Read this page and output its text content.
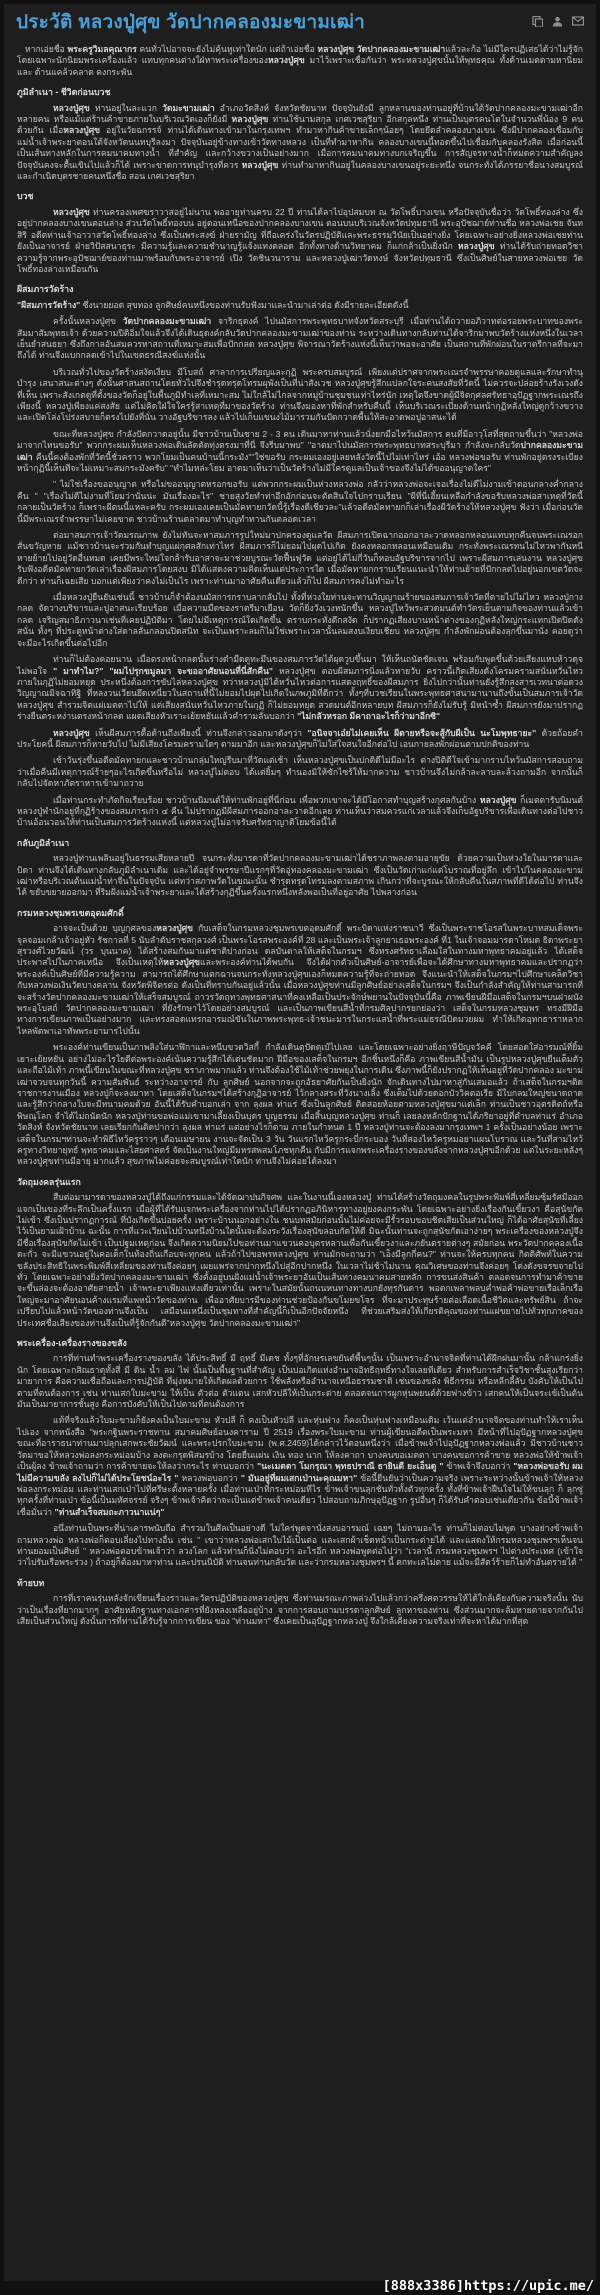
ประวัติ หลวงปู่ศุข วัดปากคลองมะขามเฒ่า

หากเอ่ยชื่อ พระครูวิมลคุณากร คนทั่วไปอาจจะยังไม่คุ้นหูเท่าใดนัก แต่ถ้าเอ่ยชื่อ หลวงปู่ศุข วัดปากคลองมะขามเฒ่าแล้วละก้อ ไม่มีใครปฏิเสธได้ว่าไม่รู้จัก โดยเฉพาะนักนิยมพระเครื่องแล้ว แทบทุกคนต่างใฝ่หาพระเครื่องของหลวงปู่ศุข มาไว้เพราะเชื่อกันว่า พระหลวงปู่ศุขนั้นให้พุทธคุณ ทั้งด้านเมตตามหานิยม และ ด้านแคล้วคลาด คงกระพัน

ภูมิลำเนา - ชีวิตก่อนบวช

หลวงปู่ศุข ท่านอยู่ในละแวก วัดมะขามเฒ่า อำเภอวัดสิงห์ จังหวัดชัยนาท ปัจจุบันยังมี ลูกหลานของท่านอยู่ที่บ้านใต้วัดปากคลองมะขามเฒ่าอีกหลายคน หรือแม้แต่ร้านค้าขายภายในบริเวณวัดเองก็ยังมี หลวงปู่ศุข ท่านใช้นามสกุล เกศเวชสุริยา อีกสกุลหนึ่ง ท่านเป็นบุตรคนโตในจำนวนพี่น้อง 9 คน ด้วยกัน เมื่อหลวงปู่ศุข อยู่ในวัยฉกรรจ์ ท่านได้เดินทางเข้ามาในกรุงเทพฯ ทำมาหากินค้าขายเล็กๆน้อยๆ โดยยึดลำคลองบางเขน ซึ่งมีปากคลองเชื่อมกับแม่น้ำเจ้าพระยาตอนใต้จังหวัดนนทบุรีลงมา ปัจจุบันอยู่ข้างทางเข้าวัดทางหลวง เป็นที่ทำมาหากิน คลองบางเขนนี้ทอดขึ้นไปเชื่อมกับคลองรังสิต เมื่อก่อนนี้เป็นเส้นทางหลักในการคมนาคมทางน้ำ ที่สำคัญ และกว้างขวางเป็นอย่างมาก เมื่อการคมนาคมทางบกเจริญขึ้น การสัญจรทางน้ำก็หมดความสำคัญลง ปัจจุบันคงจะตื้นเขินไปแล้วก็ได้ เพราะขาดการทนุบำรุงที่ควร หลวงปู่ศุข ท่านทำมาหากินอยู่ในคลองบางเขนอยู่ระยะหนึ่ง จนกระทั่งได้ภรรยาชื่อนางสมบูรณ์ และกำเนิดบุตรชายคนหนึ่งชื่อ สอน เกศเวชสุริยา

บวช

หลวงปู่ศุข ท่านครองเพศฆราวาสอยู่ไม่นาน พออายุท่านครบ 22 ปี ท่านได้ลาไปอุปสมบท ณ วัดโพธิ์บางเขน หรือปัจจุบันชื่อว่า วัดโพธิ์ทองล่าง ซึ่งอยู่ปากคลองบางเขนตอนล่าง ส่วนวัดโพธิ์ทองบน อยู่ตอนเหนือของปากคลองบางเขน ตอนบนบริเวณจังหวัดปทุมธานี พระอุปัชฌาย์ท่านชื่อ หลวงพ่อเชย จันทสิริ อดีตท่านเจ้าอาวาสวัดโพธิ์ทองล่าง ซึ่งเป็นพระสงฆ์ ฝ่ายรามัญ ที่ถือเคร่งในวัตรปฏิบัติและพระธรรมวินัยเป็นอย่างยิ่ง โดยเฉพาะอย่างยิ่งหลวงพ่อเชยท่านยังเป็นอาจารย์ ฝ่ายวิปัสสนาธุระ มีความรู้และความชำนาญรู้แจ้งแทงตลอด อีกทั้งทางด้านวิทยาคม ก็แก่กล้าเป็นยิ่งนัก หลวงปู่ศุข ท่านได้รับถ่ายทอดวิชาความรู้จากพระอุปัชฌาย์ของท่านมาพร้อมกับพระอาจารย์ เปิง วัดชินวนาราม และหลวงปู่เฒ่าวัดหงษ์ จังหวัดปทุมธานี ซึ่งเป็นศิษย์ในสายหลวงพ่อเชย วัดโพธิ์ทองล่างเหมือนกัน

ผีสมภารวัดร้าง

"ผีสมภารวัดร้าง" ซึ่งนายยอด สุขทอง ลูกศิษย์คนหนึ่งของท่านรับฟังมาและนำมาเล่าต่อ ดังมีรายละเอียดดังนี้

ครั้งนั้นหลวงปู่ศุข วัดปากคลองมะขามเฒ่า จาริกธุดงค์ ไปนมัสการพระพุทธบาทจังหวัดสระบุรี เมื่อท่านได้ถวายอภิวาทต่อรอยพระบาทของพระสัมมาสัมพุทธเจ้า ด้วยความปิติอิ่มใจแล้วจึงได้เดินธุดงค์กลับวัดปากคลองมะขามเฒ่าของท่าน ระหว่างเดินทางกลับท่านได้จาริกมาพบวัดร้างแห่งหนึ่งในเวลาเย็นย่ำสนธยา ซึ่งถึงกาลอันสมควรหาสถานที่เหมาะสมเพื่อปักกลด หลวงปู่ศุข พิจารณาวัดร้างแห่งนี้เห็นว่าพอจะอาศัย เป็นสถานที่พักผ่อนในราตรีกาลที่จะมาถึงได้ ท่านจึงแบกกลดเข้าไปในเขตธรณีสงฆ์แห่งนั้น

บริเวณทั่วไปของวัดร้างสงัดเงียบ มีโบสถ์ ศาลาการเปรียญและกุฏิ พระครบสมบูรณ์ เพียงแต่ปราศจากพระเณรจำพรรษาคอยดูแลและรักษาทำนุบำรุง เสนาสนะต่างๆ ดังนั้นศาสนสถานโดยทั่วไปจึงชำรุดทรุดโทรมผุพังเป็นที่น่าสังเวช หลวงปู่ศุขรู้สึกแปลกใจระคนสงสัยที่วัดนี้ ไม่ควรจะปล่อยร้างรังเวงดังที่เห็น เพราะสังเกตดูที่ตั้งของวัดก็อยู่ในพื้นภูมิทำเลที่เหมาะสม ไม่ใกล้ไม่ไกลจากหมู่บ้านชุมชนเท่าไหร่นัก เหตุใดจึงขาดผู้มีจิตกุศลศรัทธาอุปัฏฐากพระเณรถึงเพียงนี้ หลวงปู่เพียงแค่สงสัย แต่ไม่คิดใฝ่ใจใคร่รู้สาเหตุที่มาของวัดร้าง ท่านจึงมองหาที่พักสำหรับคืนนี้ เห็นบริเวณระเบียงด้านหน้ากุฏิหลังใหญ่ดูกว้างขวาง และเปิดโล่งโปร่งสบายก็ตรงไปยังที่นั่น วางอัฐบริขารลง แล้วไปเก็บแขนงไม้มารวมกันปัดกวาดพื้นให้สะอาดพอปูอาสนะได้

ขณะที่หลวงปู่ศุข กำลังปัดกวาดอยู่นั้น มีชาวบ้านเป็นชาย 2 - 3 คน เดินมาหาท่านแล้วนั่งยกมือไหว้นมัสการ คนที่มีอาวุโสที่สุดถามขึ้นว่า "หลวงพ่อมาจากไหนขอรับ" พวกกระผมเห็นหลวงพ่อเดินลัดตัดทุ่งตรงมาที่นี่ จึงรีบมาพบ" "อาตมาไปนมัสการพระพุทธบาทสระบุรีมา กำลังจะกลับวัดปากคลองมะขามเฒ่า คืนนี้คงต้องพักที่วัดนี้ชั่วคราว พวกโยมเป็นคนบ้านนี้กระมัง""ใช่ขอรับ กระผมเองอยู่เลยหลังวัดนี้ไปไม่เท่าไหร่ เอ้อ หลวงพ่อขอรับ ท่านพักอยู่ตรงระเบียงหน้ากุฏินี้เห็นทีจะไม่เหมาะสมกระมังครับ" "ทำไมหล่ะโยม อาตมาเห็นว่าเป็นวัดร้างไม่มีใครดูแลเป็นเจ้าของจึงไม่ได้ขออนุญาตใคร"

" ไม่ใช่เรื่องขออนุญาต หรือไม่ขออนุญาตหรอกขอรับ แต่พวกกระผมเป็นห่วงหลวงพ่อ กลัวว่าหลวงพ่อจะเจอเรื่องไม่ดีไม่งามเข้าตอนกลางค่ำกลางคืน " "เรื่องไม่ดีไม่งามที่โยมว่านั่นน่ะ มันเรื่องอะไร" ชายสูงวัยทำท่าอึกอักก่อนจะตัดสินใจไปกราบเรียน "ผีที่นี่เฮี้ยนเหลือกำลังขอรับหลวงพ่อสาเหตุที่วัดนี้กลายเป็นวัดร้าง ก็เพราะผีตนนี้แหละครับ กระผมเองเคยเป็นมัคทายกวัดนี้รู้เรื่องดีเชียวละ"แล้วอดีตมัคทายกก็เล่าเรื่องผีวัดร้างให้หลวงปู่ศุข ฟังว่า เมื่อก่อนวัดนี้มีพระเณรจำพรรษาไม่เคยขาด ชาวบ้านร้านตลาดมาทำบุญทำทานกันตลอดเวลา

ต่อมาสมภารเจ้าวัดมรณภาพ ยังไม่ทันจะหาสมภารรูปใหม่มาปกครองดูแลวัด ผีสมภารเปิดฉากออกอาละวาดหลอกหลอนแทบทุกคืนจนพระเณรอกสั่นขวัญหาย แม้ชาวบ้านจะร่วมกันทำบุญแผ่กุศลสักเท่าไหร่ ผีสมภารก็ไม่ยอมไปผุดไปเกิด ยังคงหลอกหลอนเหมือนเดิม กระทั่งพระเณรทนไม่ไหวพากันหนีหายย้ายไปอยู่วัดอื่นหมด เคยมีพระใหม่ใจกล้ารับอาสาจะมาช่วยบูรณะวัดฟื้นฟูวัด แต่อยู่ได้ไม่กี่วันก็หอบอัฐบริขารจากไป เพราะผีสมภารเล่นงาน หลวงปู่ศุขรับฟังอดีตมัคทายกวัดเล่าเรื่องผีสมภารโดยสงบ มิได้แสดงความคิดเห็นแต่ประการใด เมื่อมัคทายกกราบเรียนแนะนำให้ท่านย้ายที่ปักกลดไปอยู่นอกเขตวัดจะดีกว่า ท่านก็เฉยเสีย บอกแต่เพียงว่าคงไม่เป็นไร เพราะท่านมาอาศัยคืนเดียวแล้วก็ไป ผีสมภารคงไม่ทำอะไร

เมื่อหลวงปู่ยืนยันเช่นนี้ ชาวบ้านก็จำต้องนมัสการกราบลากลับไป ทั้งที่ห่วงใยท่านจะทานวิญญาณร้ายของสมภารเจ้าวัดที่ตายไปไม่ไหว หลวงปู่กางกลด จัดวางบริขารและปูอาสนะเรียบร้อย เมื่อความมืดของราตรีมาเยือน วัดก็ยิ่งวังเวงหนักขึ้น หลวงปู่ไหว้พระสวดมนต์ทำวัตรเย็นตามกิจของท่านแล้วเข้ากลด เจริญสมาธิภาวนาเช่นที่เคยปฏิบัติมา โดยไม่มีเหตุการณ์ใดเกิดขึ้น ตราบกระทั่งดึกสงัด ก็ปรากฏเสียงบานหน้าต่างของกุฏิหลังใหญ่กระแทกเปิดปิดดังสนั่น ทั้งๆ ที่ประตูหน้าต่างใส่ดาลลั่นกลอนปิดสนิท จะเป็นเพราะลมก็ไม่ใช่เพราะเวลานั้นลมสงบเงียบเชียบ หลวงปู่ศุข กำลังพักผ่อนต้องลุกขึ้นมานั่ง คอยดูว่าจะมีอะไรเกิดขึ้นต่อไปอีก

ท่านก็ไม่ต้องคอยนาน เมื่อตรงหน้ากลดนั้นร่างดำมืดดูทะมึนของสมภารวัดได้ผุดวูบขึ้นมา ให้เห็นถนัดชัดเจน พร้อมกับพูดขึ้นด้วยเสียงแหบห้าวดุจไม่พอใจ " มาทำไม?" "ผมไปรุกขมูลมา จะขออาศัยนอนที่นี่สักคืน" หลวงปู่ศุข ตอบผีสมภารนิ่งแล้วหายวับ คราวนี้เกิดเสียงดังโครมครามสนั่นหวั่นไหว ภายในกุฏิไม่ยอมหยุด ประหนึ่งต้องการขับไล่หลวงปู่ศุข ทว่าหลวงปู่มิได้หวั่นไหวต่อการแสดงฤทธิ์ของผีสมภาร ยิ่งไปกว่านั้นท่านยังรู้สึกสงสารเวทนาต่อดวงวิญญาณมิจฉาทิฐิ ที่หลงวนเวียนยึดเหนี่ยวในสถานที่นี้ไม่ยอมไปผุดไปเกิดในภพภูมิที่ดีกว่า ทั้งๆที่บวชเรียนในพระพุทธศาสนามานานถึงขั้นเป็นสมภารเจ้าวัด หลวงปู่ศุข สำรวมจิตแผ่เมตตาไปให้ แต่เสียงสนั่นหวั่นไหวภายในกุฏิ ก็ไม่ยอมหยุด สวดมนต์อีกหลายบท ผีสมภารก็ยังไม่รับรู้ มิหนำซ้ำ ผีสมภารยังมาปรากฏร่างยืนตระหง่านตรงหน้ากลด แผดเสียงหัวเราะเย้ยหยันแล้วคำรามลั่นบอกว่า "ไม่กลัวหรอก มีคาถาอะไรก็ว่ามาอีกซิ"

หลวงปู่ศุข เห็นผีสมภารดื้อด้านถึงเพียงนี้ ท่านจึงกล่าวออกมาดังๆว่า "อนิจจาเอ๋ยไม่เคยเห็น ผีตายหรือจะสู้กับผีเป็น นะโมพุทธายะ" ด้วยถ้อยคำประโยคนี้ ผีสมภารก็หายวับไป ไม่มีเสียงโครมครามใดๆ ตามมาอีก และหลวงปู่ศุขก็ไม่ใส่ใจสนใจอีกต่อไป เอนกายลงพักผ่อนตามปกติของท่าน

เช้าวันรุ่งขึ้นอดีตมัคทายกและชาวบ้านกลุ่มใหญ่รีบมาที่วัดแต่เช้า เห็นหลวงปู่ศุขเป็นปกติดีไม่มีอะไร ต่างปิติดีใจเข้ามากราบไหว้นมัสการสอบถาม ว่าเมื่อคืนมีเหตุการณ์ร้ายๆอะไรเกิดขึ้นหรือไม่ หลวงปู่ไม่ตอบ ได้แต่ยิ้มๆ ทำนองมิให้ซักไซร้ให้มากความ ชาวบ้านจึงไม่กล้าละลาบละล้วงถามอีก จากนั้นก็กลับไปจัดหาภัตราหารเข้ามาถวาย

เมื่อท่านกระทำภัตกิจเรียบร้อย ชาวบ้านนิมนต์ให้ท่านพักอยู่ที่นี่ก่อน เพื่อพวกเขาจะได้มีโอกาสทำบุญสร้างกุศลกันบ้าง หลวงปู่ศุข ก็เมตตารับนิมนต์ หลวงปู่พำนักอยู่ที่กุฏิร้างของสมภารเก่า ๔ คืน ไม่ปรากฏมีผีสมภารออกอาละวาดอีกเลย ท่านเห็นว่าสมควรแก่เวลาแล้วจึงเก็บอัฐบริขารเพื่อเดินทางต่อไปชาวบ้านอ้อนวอนให้ท่านเป็นสมภารวัดร้างแห่งนี้ แต่หลวงปู่ไม่อาจรับศรัทธาญาติโยมข้อนี้ได้

กลับภูมิลำเนา

หลวงปู่ท่านเพลินอยู่ในธรรมเสียหลายปี จนกระทั่งมารดาที่วัดปากคลองมะขามเฒ่าได้ชราภาพลงตามอายุขัย ด้วยความเป็นห่วงใยในมารดาและบิดา ท่านจึงได้เดินทางกลับภูมิลำเนาเดิม และได้อยู่จำพรรษาปีแรกๆที่วัดอู่ทองคลองมะขามเฒ่า ซึ่งเป็นวัดเก่าแก่แต่โบราณที่อยู่ลึก เข้าไปในคลองมะขามเฒ่าหรือบริเวณต้นแม่น้ำท่าจีนในปัจจุบัน แต่ทว่าสภาพวัดในขณะนั้น ชำรุดทรุดโทรมลงตามสภาพ เกินกว่าที่จะบูรณะให้กลับคืนในสภาพที่ดีได้ต่อไป ท่านจึงได้ ขยับขยายออกมา ที่ริมฝั่งแม่น้ำเจ้าพระยาและได้สร้างกุฏิขึ้นครั้งแรกหนึ่งหลังพอเป็นที่อยู่อาศัย ไปพลางก่อน

กรมหลวงชุมพรเขตอุดมศักดิ์

อาจจะเป็นด้วย บุญกุศลของหลวงปู่ศุข กับเสด็จในกรมหลวงชุมพรเขตอุดมศักดิ์ พระบิดาแห่งราชนาวี ซึ่งเป็นพระราชโอรสในพระบาทสมเด็จพระจุลจอมเกล้าเจ้าอยู่หัว รัชกาลที่ 5 นับลำดับราชสกุลวงศ์ เป็นพระโอรสพระองค์ที่ 28 และเป็นพระเจ้าลูกยาเธอพระองค์ ที่1 ในเจ้าจอมมารดาโหมด ธิดาพระยาสุรวงศ์ไวยวัฒน์ (วร บุนนาค) ได้สร้างสมกันมาแต่ชาติปางก่อน ดลบันดาลให้เสด็จในกรมฯ ซึ่งทรงศรัทธาเลื่อมใสในทางมหาพุทธาคมอยู่แล้ว ได้เสด็จประพาสไปในภาคเหนือ จึงเป็นเหตุให้หลวงปู่ศุขและพระองค์ท่านได้พบกัน จึงได้ฝากตัวเป็นศิษย์-อาจารย์เพื่อจะได้ศึกษาทางมหาพุทธาคมและปรากฏว่า พระองค์เป็นศิษย์ที่มีความรู้ความ สามารถได้ศึกษาแตกฉานจนกระทั่งหลวงปู่ศุขเองก็หมดความรู้ที่จะถ่ายทอด จึงแนะนำให้เสด็จในกรมฯไปศึกษาเคล็ดวิชากับหลวงพ่อเงินวัดบางคลาน จังหวัดพิจิตรต่อ ดังเป็นที่ทราบกันอยู่แล้วนั้น เมื่อหลวงปู่ศุขท่านมีลูกศิษย์อย่างเสด็จในกรมฯ จึงเป็นกำลังสำคัญให้ท่านสามารถที่จะสร้างวัดปากคลองมะขามเฒ่าให้เสร็จสมบูรณ์ ถาวรวัดถุทางพุทธศาสนาที่คงเหลือเป็นประจักษ์พยานในปัจจุบันนี้คือ ภาพเขียนฝีมือเสด็จในกรมฯบนฝาผนังพระอุโบสถ์ วัดปากคลองมะขามเฒ่า ที่ยังรักษาไว้โดยอย่างสมบูรณ์ และเป็นภาพเขียนสีน้ำที่กรมศิลปากรยกย่องว่า เสด็จในกรมหลวงชุมพร ทรงมีฝีมือทางการเขียนภาพเป็นอย่างมาก และทรงสอดแทรกอารมณ์ขันในภาพพระพุทธ-เจ้าชนะมารในกระแสน้ำที่พระแม่ธรณีบิดมวยผม ทำให้เกิดอุทกธาราหลากไหลพัดพาเอาทัพพระยามารไปนั้น

พระองค์ท่านเขียนเป็นภาพลิงใส่นาฬิกาและหนีบขวดวิสกี้ กำลังเดินตุปัดตุเป๋ไปเลย และโดยเฉพาะอย่างยิ่งฤาษีปัญจวัคคี โดยสอดใส่อารมณ์ที่ยิ้มเยาะเย้ยหยัน อย่างไม่อะไรใยดีต่อพระองค์เน้นความรู้สึกได้เด่นชัดมาก ฝีมือของเสด็จในกรมฯ อีกชิ้นหนึ่งก็คือ ภาพเขียนสีน้ำมัน เป็นรูปหลวงปู่ศุขยืนเต็มตัวและถือไม้เท้า ภาพนี้เขียนในขณะที่หลวงปู่ศุข ชราภาพมากแล้ว ท่านจึงต้องใช้ไม้เท้าช่วยพยุงในการเดิน ซึ่งภาพนี้ก็ยังปรากฏให้เห็นอยู่ที่วัดปากคลอง มะขามเฒ่าจวบจนทุกวันนี้ ความสัมพันธ์ ระหว่างอาจารย์ กับ ลูกศิษย์ นอกจากจะถูกอัธยาศัยกันเป็นยิ่งนัก จักเดินทางไปมาหาสู่กันเสมอแล้ว ถ้าเสด็จในกรมฯติดราชการงานเมือง หลวงปู่ก็จะลงมาหา โดยเสด็จในกรมฯได้สร้างกุฏิอาจารย์ ไว้กลางสระที่วังนางเลิ้ง ซึ่งเต็มไปด้วยดอกบัววิคตอเรีย มีใบกลมใหญ่ขนาดถาด และรู้สึกว่ากลางใบจะมีหนามคมด้วย อันนี้ได้รับคำบอกเล่า จาก ลุงผล ท่าแร่ ซึ่งเป็นลูกศิษย์ ติดสอยห้อยตามหลวงปู่ศุขมาแต่เล็ก ท่านเป็นชาวอุตรดิตถ์หรือพิษณุโลก จำได้ไม่ถนัดนัก หลวงปู่ท่านขอพ่อแม่เขามาเลี้ยงเป็นบุตร บุญธรรม เมื่อสิ้นบุญหลวงปู่ศุข ท่านก็ เลยลงหลักปักฐานได้ภริยาอยู่ที่ตำบลท่าแร่ อำเภอวัดสิงห์ จังหวัดชัยนาท เลยเรียกกันติดปากว่า ลุงผล ท่าแร่ แต่อย่างไรก็ตาม ภายในกำหนด 1 ปี หลวงปู่ท่านจะต้องลงมากรุงเทพฯ 1 ครั้งเป็นอย่างน้อย เพราะเสด็จในกรมฯท่านจะทำพิธีไหว้ครูราวๆ เดือนเมษายน งานจะจัดเป็น 3 วัน วันแรกไหว้ครูกระบี่กระบอง วันที่สองไหว้ครูหมอยาแผนโบราณ และวันที่สามไหว้ครูทางวิทยายุทธ์ พุทธาคมและไสยศาสตร์ จัดเป็นงานใหญ่มีมหรสพสมโภชทุกคืน กับมีการแจกพระเครื่องรางของขลังจากหลวงปู่ศุขอีกด้วย แต่ในระยะหลังๆ หลวงปู่ศุขท่านมีอายุ มากแล้ว สุขภาพไม่ค่อยจะสมบูรณ์เท่าใดนัก ท่านจึงไม่ค่อยได้ลงมา

วัดถุมงคลรุ่นแรก

สืบต่อมามารดาของหลวงปู่ได้ถึงแก่กรรมและได้จัดฌาปนกิจศพ และในงานนี้เองหลวงปู่ ท่านได้สร้างวัดถุมงคลในรูปพระพิมพ์สี่เหลี่ยมซุ้มรัศมีออกแจกเป็นของที่ระลึกเป็นครั้งแรก เมื่อผู้ที่ได้รับแจกพระเครื่องจากท่านไปได้ปรากฏอภินิหารทางอยู่ยงคงกระพัน โดยเฉพาะอย่างยิ่งเรื่องกันเขี้ยวงา คือสุนัขกัดไม่เข้า ซึ่งเป็นปรากฏการณ์ ที่บังเกิดขึ้นบ่อยครั้ง เพราะบ้านนอกอย่างใน ชนบทสมัยก่อนนั้นไม่ค่อยจะมีรั้วรอบขอบชิดเสียเป็นส่วนใหญ่ ก็ได้อาศัยสุนัขที่เลี้ยงไว้เป็นยามเฝ้าบ้าน ฉะนั้น การที่แวะเวียนไปบ้านหนึ่งบ้านใดนั้นจะต้องระวังเรื่องสุนัขลอบกัดให้ดี มิฉะนั้นท่านจะถูกสุนัขกัดเอาง่ายๆ พระเครื่องของหลวงปู่จึงมีชื่อเรื่องสุนัขกัดไม่เข้า เป็นปฐมเหตุก่อน จึงเกิดความนิยมไปขอท่านมาแขวนคอบุตรหลานเพื่อกันเขี้ยวงาและภยันตรายต่างๆ สมัยก่อน พระวัดปากคลองเนื้อตะกั่ว จะมีแขวนอยู่ในคอเด็กในท้องถิ่นเกือบจะทุกคน แล้วถ้าไปขอพรหลวงปู่ศุข ท่านมักจะถามว่า "เอ็งมีลูกกี่คน?" ท่านจะให้ครบทุกคน กิตติศัพท์ในความขลังประสิทธิในพระพิมพ์สี่เหลี่ยมของท่านจึงค่อยๆ เผยแพร่จากปากหนึ่งไปสู่อีกปากหนึ่ง ในเวลาไม่ช้าไม่นาน คุณวิเศษของท่านจึงค่อยๆ โด่งดังขจรขจายไปทั่ว โดยเฉพาะอย่างยิ่งวัดปากคลองมะขามเฒ่า ซึ่งตั้งอยู่บนฝั่งแม่น้ำเจ้าพระยาอันเป็นเส้นทางคมนาคมสายหลัก การขนส่งสินค้า ตลอดจนการทำมาค้าขาย จะขึ้นล่องจะต้องอาศัยสายน้ำ เจ้าพระยาเพียงแห่งเดียวเท่านั้น เพราะในสมัยนั้นถนนหนทางทางบกยังทุรกันดาร พอตกเพลาพลบค่ำพ่อค้าพ่อขายเรือเล็กเรือใหญ่จะมาอาศัยนอนค้างแรมที่แพหน้าวัดของท่าน เพื่ออาศัยบารมีของท่านช่วยป้องกันขโมยขโจร ที่จะมาประทุษร้ายต่อเลือดเนื้อชีวิตและทรัพย์สิน ถ้าจะเปรียบไปแล้วหน้าวัดของท่านจึงเป็น เสมือนแหนึ่งเป็นชุมทางที่สำคัญนี้ก็เป็นอีกปัจจัยหนึ่ง ที่ช่วยเสริมส่งให้เกียรติคุณของท่านแผ่ขยายไปทั่วทุกภาคของประเทศชื่อเสียงของท่านจึงเป็นที่รู้จักกันดี"หลวงปู่ศุข วัดปากคลองมะขามเฒ่า"

พระเครื่อง-เครื่องรางของขลัง

การที่ท่านทำพระเครื่องรางของขลัง ได้ประสิทธิ์ มี ฤทธิ์ มีเดช ทั้งๆที่อักษรเลขยันต์พื้นๆนั้น เป็นเพราะอำนาจจิตที่ท่านได้ฝึกฝนมานั้น กล้าแกร่งยิ่งนัก โดยเฉพาะกสิณธาตุทั้งสี่ มี ดิน น้ำ ลม ไฟ นั้นเป็นพื้นฐานที่สำคัญ เป็นบ่อเกิดแห่งอำนาจอิทธิฤทธิ์ทางใจเลยทีเดียว สำหรับการสำเร็จวิชาชั้นสูงเรียกว่า มายาการ คือความเชื่อถือและการปฏิบัติ ที่มุ่งหมายให้เกิดผลด้วยการ ใช้พลังหรืออำนาจเหนือธรรมชาติ เช่นของขลัง พิธีกรรม หรือหลีกลี้ลับ บังคับให้เป็นไปตามที่ตนต้องการ เช่น ท่านเสกใบมะขาม ให้เป็น ตัวต่อ ตัวแตน เสกหัวปลีให้เป็นกระต่าย ตลอดจนการผูกหุ่นพยนต์ด้วยฟางข้าว เสกคนให้เป็นจระเข้เป็นต้น มันเป็นมายาการชั้นสูง คือการบังคับให้เป็นไปตามที่ตนต้องการ

แท้ที่จริงแล้วใบมะขามก็ยังคงเป็นใบมะขาม หัวปลี ก็ คงเป็นหัวปลี และหุ่นฟาง ก็คงเป็นหุ่นฟางเหมือนเดิม เว้นแต่อำนาจจิตของท่านทำให้เราเห็นไปเอง จากหนังสือ "พระกฐินพระราชทาน สมาคมศิษย์อนงคาราม ปี 2519 เรื่องพระใบมะขาม ท่านผู้เขียนอดีตเป็นพระมหา มีหน้าที่ไปอุปัฏฐากหลวงปู่ศุขขณะที่อาราธนาท่านมาปลุกเสกพระชัยวัฒน์ และพระปรกใบมะขาม (พ.ศ.2459)ได้กล่าวไว้ตอนหนึ่งว่า เมื่อข้าพเจ้าไปอุปัฏฐากหลวงพ่อแล้ว มีชาวบ้านชาววัดมาขอให้หลวงพ่อลงกระหม่อมบ้าง ลงตะกรุดพิสมรบ้าง โดยยื่นแผ่น เงิน ทอง นาก ให้ลงคาถา บางคนขอเมตตา บางคนขอการค้าขาย หลวงพ่อให้ข้าพเจ้าเป็นผู้ลง ข้าพเจ้าถามว่า การค้าขายจะให้ลงว่ากระไร ท่านบอกว่า "นะเมตตา โมกรุณา พุทธปราณี ธายินดี ยะเอ็นดู " ข้าพเจ้าจึงบอกว่า "หลวงพ่อขอรับ ผมไม่มีความขลัง ลงไปก็ไม่ได้ประโยชน์อะไร " หลวงพ่อบอกว่า " มันอยู่ที่ผมเสกเป่านะคุณมหา" ข้อนี้ยืนยันว่าเป็นความจริง เพราะระหว่างนั้นข้าพเจ้าให้หลวงพ่อลงกระหม่อม และท่านเสกเป่าไปที่ศรีษะตั้งหลายครั้ง เมื่อท่านเป่าที่กระหม่อมทีไร ข้าพเจ้าขนลุกชันทั่วทั้งตัวทุกครั้ง ทั้งที่ข้าพเจ้าฝืนใจไม่ให้ขนลุก ก็ ลุกซู่ทุกครั้งที่ท่านเป่า ข้อนี้เป็นมหัศจรรย์ จริงๆ ข้าพเจ้าคิดว่าจะเป็นแต่ข้าพเจ้าคนเดียว ไปสอบถามภิกษุอุปัฏฐาก รูปอื่นๆ ก็ได้รับคำตอบเช่นเดียวกัน ข้อนี้ข้าพเจ้าเชื่อมั่นว่า "ท่านสำเร็จสมถะภาวนาแน่ๆ"

อนึ่งท่านเป็นพระที่น่าเคารพนับถือ สำรวมในศีลเป็นอย่างดี ไม่ใคร่พูดจานั่งสงบอารมณ์ เฉยๆ ไม่ถามอะไร ท่านก็ไม่ตอบไม่พูด บางอย่างข้าพเจ้าถามหลวงพ่อ หลวงพ่อก็ตอบเลี่ยงไปทางอื่น เช่น " เขาว่าหลวงพ่อเสกใบไม้เป็นต่อ และเสกผ้าเช็ดหน้าเป็นกระต่ายได้ และแสดงให้กรมหลวงชุมพรฯเห็นจนท่านยอมเป็นศิษย์ " หลวงพ่อตอบข้าพเจ้าว่า ลวงโลก แล้วท่านก็นิ่งไม่ตอบว่า อะไรอีก หลวงพ่อพูดต่อไปว่า "เวลานี้ กรมหลวงชุมพรฯ ไปต่างประเทศ (เข้าใจว่าไปรับเรือพระร่วง ) ถ้าอยู่ก็ต้องมาหาท่าน และปรนนิบัติ ท่านจนท่านกลับวัด และว่ากรมหลวงชุมพรฯ นี้ ตกทะเลไม่ตาย แม้จะมีสัตว์ร้ายก็ไม่ทำอันตรายได้ "

ท้ายบท

การที่เราคนรุ่นหลังจักเขียนเรื่องราวและวัตรปฏิบัติของหลวงปู่ศุข ซึ่งท่านมรณะภาพล่วงไปแล้วกว่าครึ่งศตวรรษให้ได้ใกล้เคียงกับความจริงนั้น นับว่าเป็นเรื่องที่ยากมากๆ อาศัยหลักฐานทางเอกสารที่ยังหลงเหลืออยู่บ้าง จากการสอบถามบรรดาลูกศิษย์ ลูกหาของท่าน ซึ่งส่วนมากจะล้มหายตายจากกันไปเสียเป็นส่วนใหญ่ ดังนั้นการที่ท่านได้รับรู้จากการเขียน ของ "ท่านมหา" ซึ่งเคยเป็นอุปัฏฐากหลวงปู่ จึงใกล้เคียงความจริงเท่าที่จะหาได้มากที่สุด

[888x3386]https://upic.me/
